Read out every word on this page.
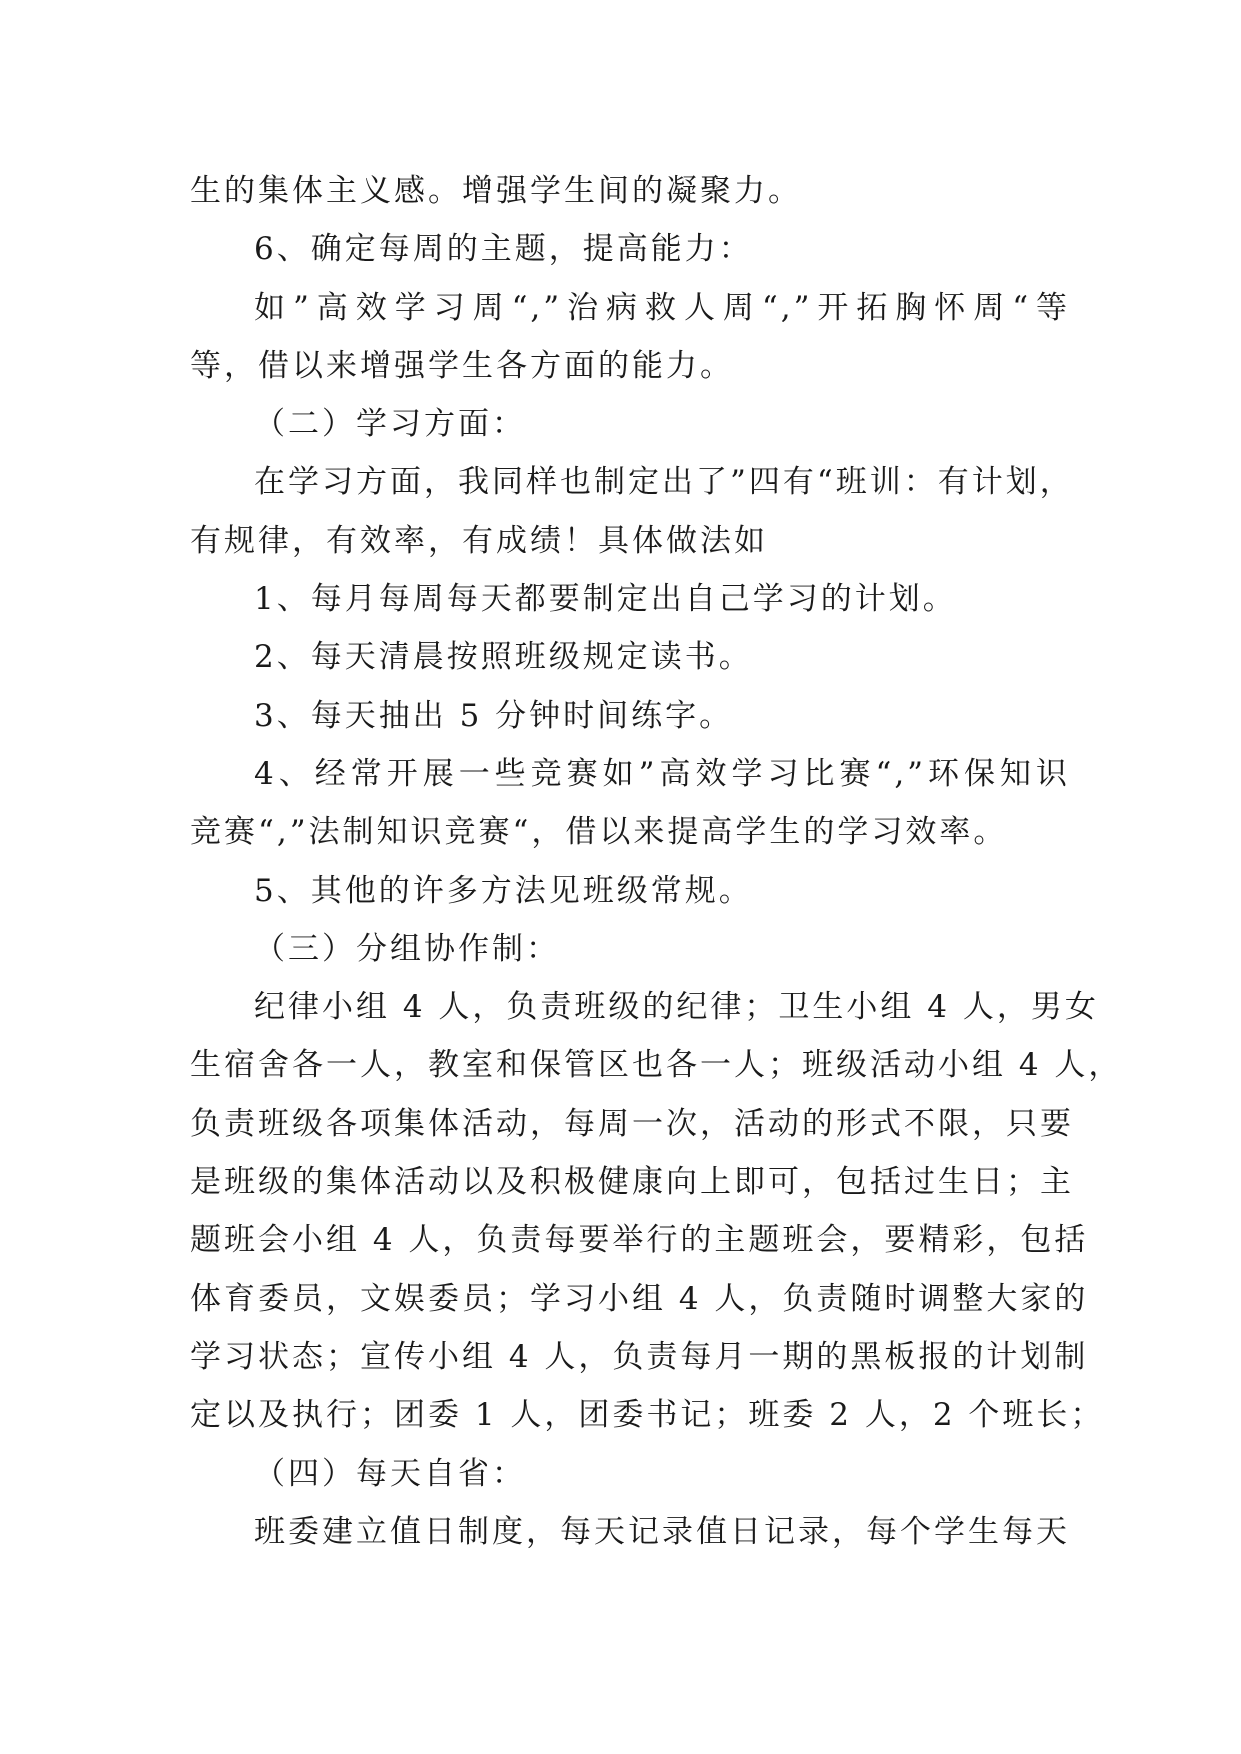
生的集体主义感。增强学生间的凝聚力。
6、确定每周的主题，提高能力：
如”高效学习周“,”治病救人周“,”开拓胸怀周“等
等，借以来增强学生各方面的能力。
（二）学习方面：
在学习方面，我同样也制定出了”四有“班训：有计划，
有规律，有效率，有成绩！具体做法如
1、每月每周每天都要制定出自己学习的计划。
2、每天清晨按照班级规定读书。
3、每天抽出 5 分钟时间练字。
4、经常开展一些竞赛如”高效学习比赛“,”环保知识
竞赛“,”法制知识竞赛“，借以来提高学生的学习效率。
5、其他的许多方法见班级常规。
（三）分组协作制：
纪律小组 4 人，负责班级的纪律；卫生小组 4 人，男女
生宿舍各一人，教室和保管区也各一人；班级活动小组 4 人，
负责班级各项集体活动，每周一次，活动的形式不限，只要
是班级的集体活动以及积极健康向上即可，包括过生日；主
题班会小组 4 人，负责每要举行的主题班会，要精彩，包括
体育委员，文娱委员；学习小组 4 人，负责随时调整大家的
学习状态；宣传小组 4 人，负责每月一期的黑板报的计划制
定以及执行；团委 1 人，团委书记；班委 2 人，2 个班长；
（四）每天自省：
班委建立值日制度，每天记录值日记录，每个学生每天
